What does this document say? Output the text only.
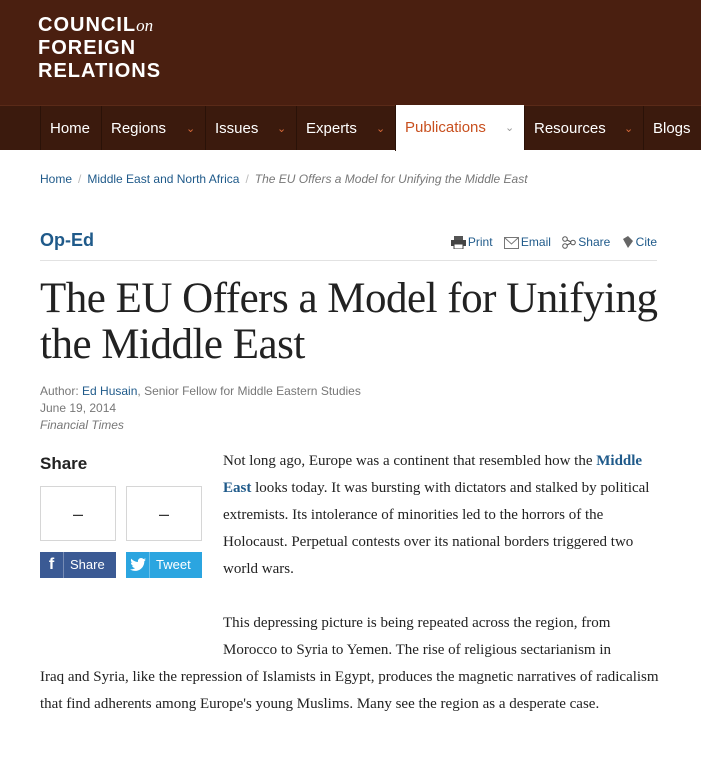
COUNCILon
FOREIGN
RELATIONS
Home Regions ⌄ Issues ⌄ Experts ⌄ Publications ⌄ Resources ⌄ Blogs
Home / Middle East and North Africa / The EU Offers a Model for Unifying the Middle East
Op-Ed	Print Email Share Cite
The EU Offers a Model for Unifying the Middle East
Author: Ed Husain, Senior Fellow for Middle Eastern Studies
June 19, 2014
Financial Times
Share
–	–
f	Share	Tweet

Not long ago, Europe was a continent that resembled how the Middle East looks today. It was bursting with dictators and stalked by political extremists. Its intolerance of minorities led to the horrors of the Holocaust. Perpetual contests over its national borders triggered two world wars.

This depressing picture is being repeated across the region, from Morocco to Syria to Yemen. The rise of religious sectarianism in

Iraq and Syria, like the repression of Islamists in Egypt, produces the magnetic narratives of radicalism that find adherents among Europe's young Muslims. Many see the region as a desperate case.
